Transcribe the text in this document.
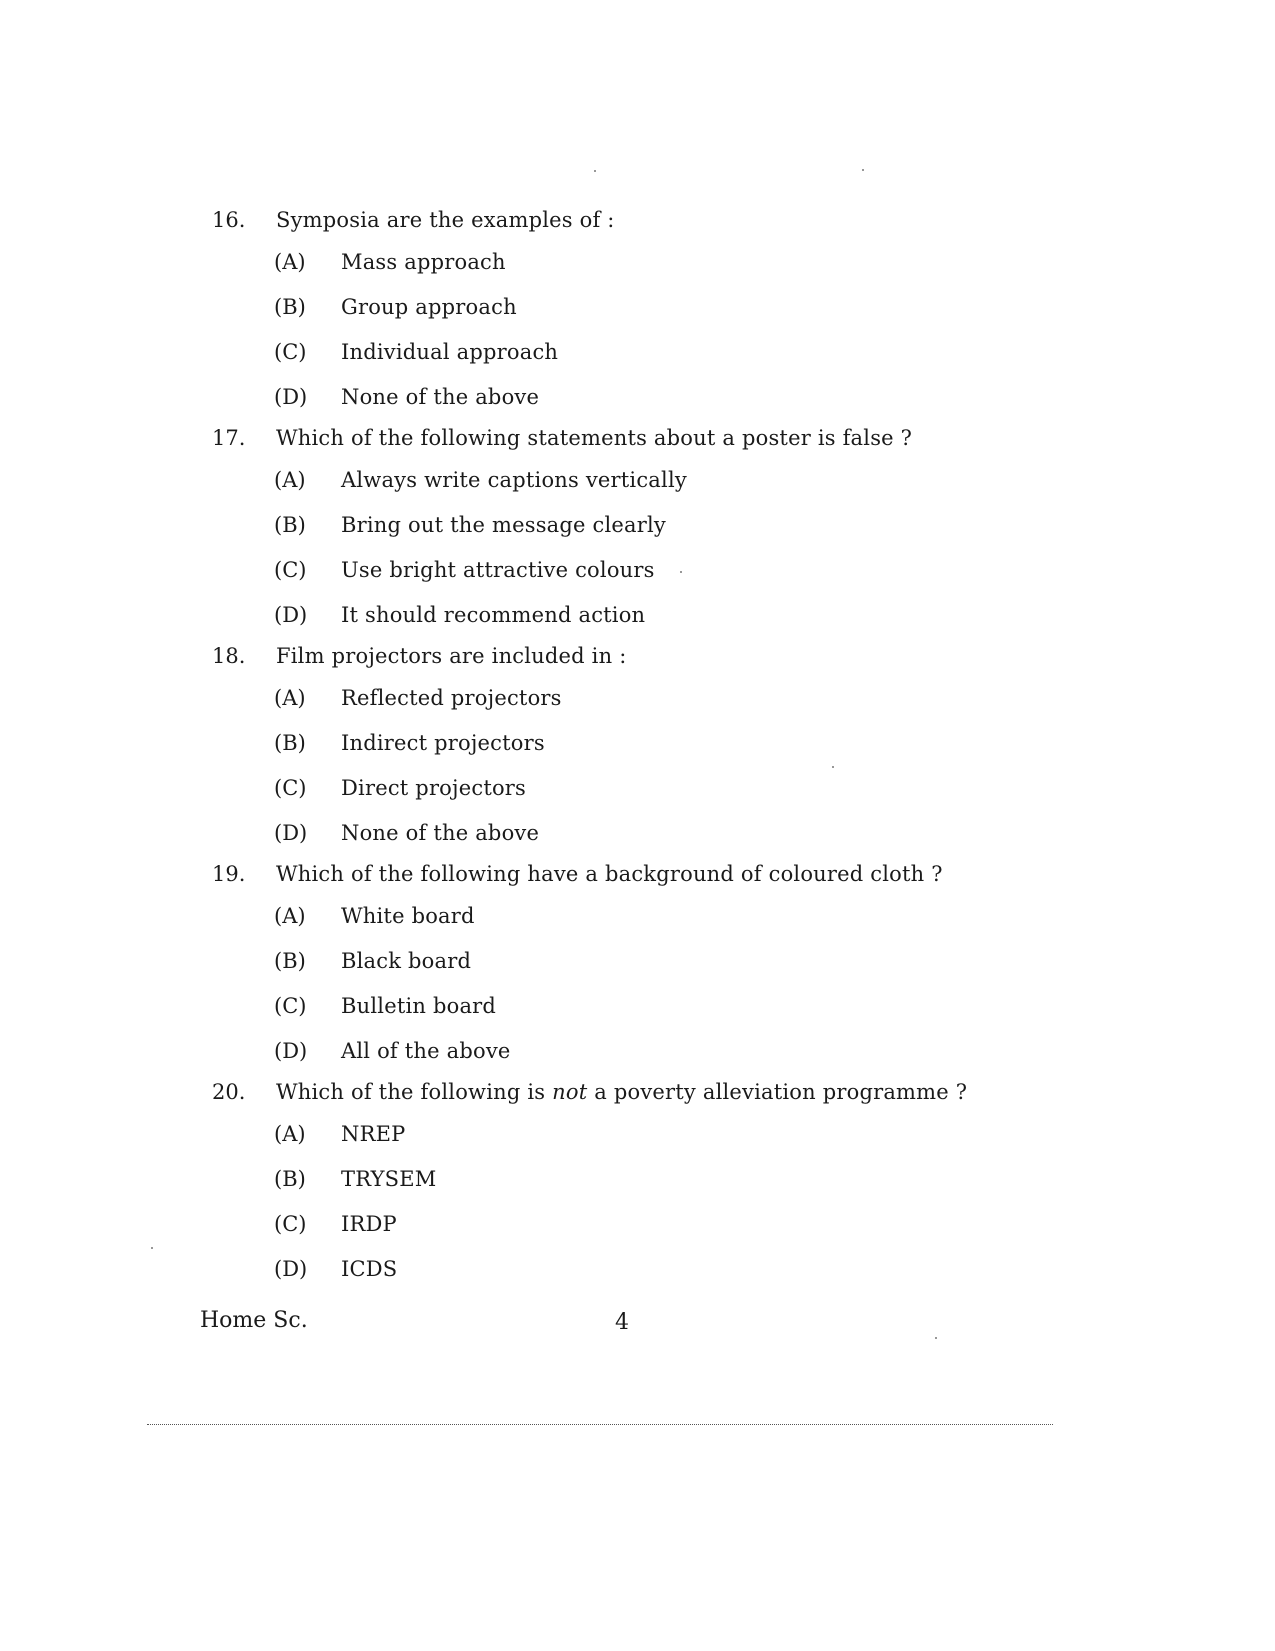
16. Symposia are the examples of :
(A) Mass approach
(B) Group approach
(C) Individual approach
(D) None of the above
17. Which of the following statements about a poster is false ?
(A) Always write captions vertically
(B) Bring out the message clearly
(C) Use bright attractive colours
(D) It should recommend action
18. Film projectors are included in :
(A) Reflected projectors
(B) Indirect projectors
(C) Direct projectors
(D) None of the above
19. Which of the following have a background of coloured cloth ?
(A) White board
(B) Black board
(C) Bulletin board
(D) All of the above
20. Which of the following is not a poverty alleviation programme ?
(A) NREP
(B) TRYSEM
(C) IRDP
(D) ICDS
Home Sc.	4
